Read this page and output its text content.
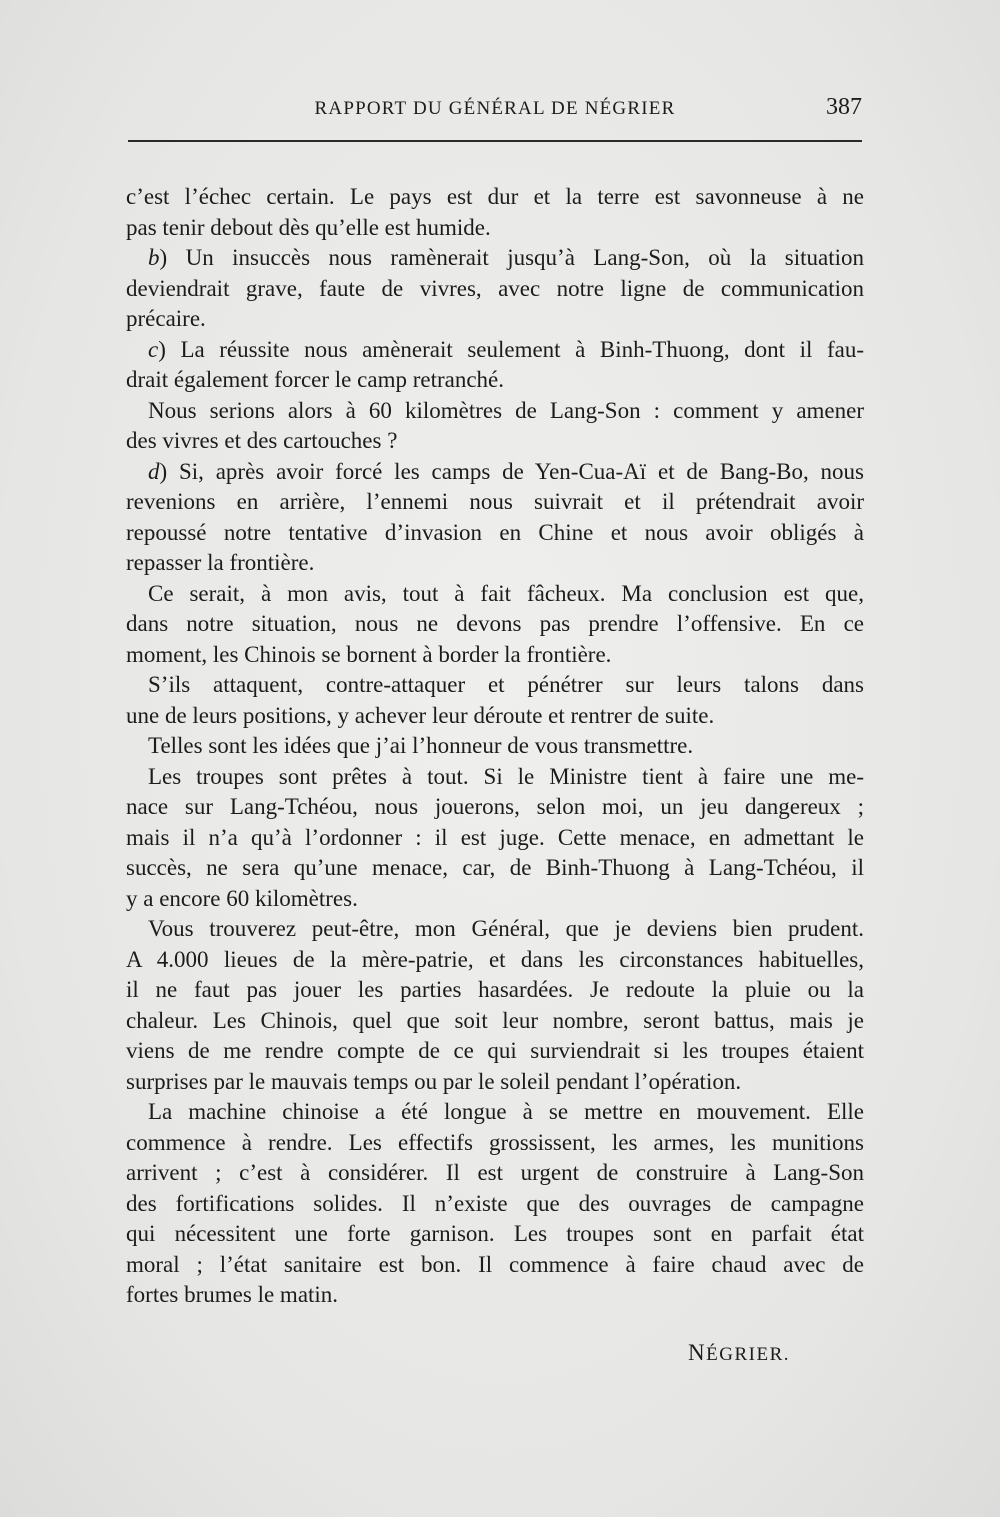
RAPPORT DU GÉNÉRAL DE NÉGRIER	387
c’est l’échec certain. Le pays est dur et la terre est savonneuse à ne
pas tenir debout dès qu’elle est humide.
b) Un insuccès nous ramènerait jusqu’à Lang-Son, où la situation
deviendrait grave, faute de vivres, avec notre ligne de communication
précaire.
c) La réussite nous amènerait seulement à Binh-Thuong, dont il fau-
drait également forcer le camp retranché.
Nous serions alors à 60 kilomètres de Lang-Son : comment y amener
des vivres et des cartouches ?
d) Si, après avoir forcé les camps de Yen-Cua-Aï et de Bang-Bo, nous
revenions en arrière, l’ennemi nous suivrait et il prétendrait avoir
repoussé notre tentative d’invasion en Chine et nous avoir obligés à
repasser la frontière.
Ce serait, à mon avis, tout à fait fâcheux. Ma conclusion est que,
dans notre situation, nous ne devons pas prendre l’offensive. En ce
moment, les Chinois se bornent à border la frontière.
S’ils attaquent, contre-attaquer et pénétrer sur leurs talons dans
une de leurs positions, y achever leur déroute et rentrer de suite.
Telles sont les idées que j’ai l’honneur de vous transmettre.
Les troupes sont prêtes à tout. Si le Ministre tient à faire une me-
nace sur Lang-Tchéou, nous jouerons, selon moi, un jeu dangereux ;
mais il n’a qu’à l’ordonner : il est juge. Cette menace, en admettant le
succès, ne sera qu’une menace, car, de Binh-Thuong à Lang-Tchéou, il
y a encore 60 kilomètres.
Vous trouverez peut-être, mon Général, que je deviens bien prudent.
A 4.000 lieues de la mère-patrie, et dans les circonstances habituelles,
il ne faut pas jouer les parties hasardées. Je redoute la pluie ou la
chaleur. Les Chinois, quel que soit leur nombre, seront battus, mais je
viens de me rendre compte de ce qui surviendrait si les troupes étaient
surprises par le mauvais temps ou par le soleil pendant l’opération.
La machine chinoise a été longue à se mettre en mouvement. Elle
commence à rendre. Les effectifs grossissent, les armes, les munitions
arrivent ; c’est à considérer. Il est urgent de construire à Lang-Son
des fortifications solides. Il n’existe que des ouvrages de campagne
qui nécessitent une forte garnison. Les troupes sont en parfait état
moral ; l’état sanitaire est bon. Il commence à faire chaud avec de
fortes brumes le matin.
NÉGRIER.
